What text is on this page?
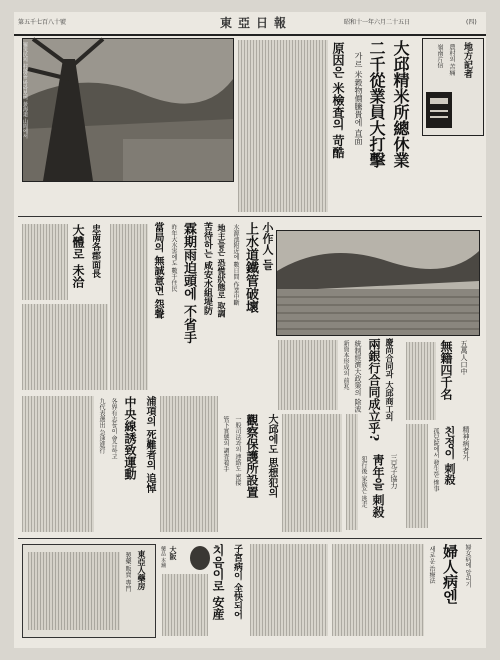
第五千七百八十號	東亞日報	昭和十一年六月二十五日	(四)
罹災民의 村落을 바라보며 黃海道 山間에서	大邱精米所總休業
二千從業員大打擊
가르 米穀物價騰貴에 直面
原因은 米檢査의 苛酷	地方記者
農村의 苦痛
嶺南片信
苦待하는 咸安水組堤防
霖期雨迫頭에 不省手
昨年大水害에도 數千住民
當局의 無誠意면 怨聲
忠南各郡面長
大體로 未洽	小作人 들
上水道鐵管破壞
水源池附近에 數日間 作業中斷
地主들은 恐慌狀態로 取調
慶尚合同과 大邱商工의
兩銀行合同成立乎?
統制經濟大政策의 除波
新資本形成의 前兆	五萬人口中
無籍四千名
大邱에도 思想犯의
觀察保護所設置
一般司法과의 連絡도 密接
管下實態의 調査着手
浦項의 死難者의 追悼
中央線誘致運動
各界有志들이 會合하고
九代表選出 急速進行
三兄子協力
靑年을 刺殺
犯行後 家族은 逃走
精神病者가
친정이 刺殺
孤兒院에서 發生한 慘事
婦女病에 알리기
婦人病엔
새로운 治療法
子宮病이 全快되어
치음이로 安産
東亞人藥房
製藥 販賣 專門	大阪
藥品 本舖
